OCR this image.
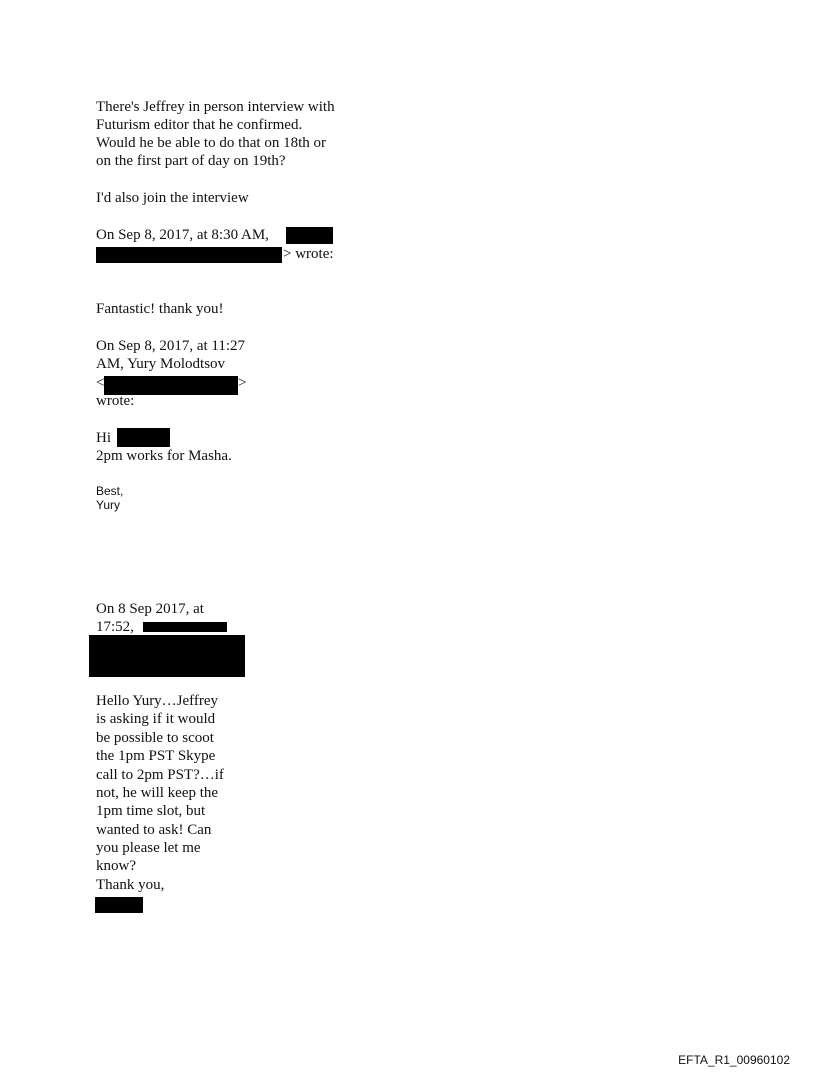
There's Jeffrey in person interview with
Futurism editor that he confirmed.
Would he be able to do that on 18th or
on the first part of day on 19th?
I'd also join the interview
On Sep 8, 2017, at 8:30 AM,
> wrote:
Fantastic! thank you!
On Sep 8, 2017, at 11:27
AM, Yury Molodtsov
<	>
wrote:
Hi
2pm works for Masha.
Best,
Yury
On 8 Sep 2017, at
17:52,
Hello Yury…Jeffrey
is asking if it would
be possible to scoot
the 1pm PST Skype
call to 2pm PST?…if
not, he will keep the
1pm time slot, but
wanted to ask! Can
you please let me
know?
Thank you,
EFTA_R1_00960102
